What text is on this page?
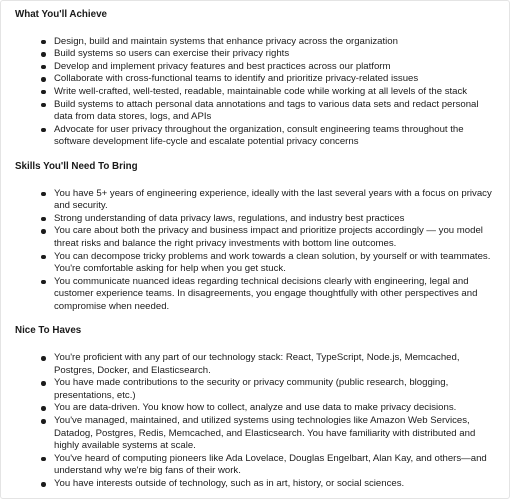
What You'll Achieve
Design, build and maintain systems that enhance privacy across the organization
Build systems so users can exercise their privacy rights
Develop and implement privacy features and best practices across our platform
Collaborate with cross-functional teams to identify and prioritize privacy-related issues
Write well-crafted, well-tested, readable, maintainable code while working at all levels of the stack
Build systems to attach personal data annotations and tags to various data sets and redact personal data from data stores, logs, and APIs
Advocate for user privacy throughout the organization, consult engineering teams throughout the software development life-cycle and escalate potential privacy concerns
Skills You'll Need To Bring
You have 5+ years of engineering experience, ideally with the last several years with a focus on privacy and security.
Strong understanding of data privacy laws, regulations, and industry best practices
You care about both the privacy and business impact and prioritize projects accordingly — you model threat risks and balance the right privacy investments with bottom line outcomes.
You can decompose tricky problems and work towards a clean solution, by yourself or with teammates. You're comfortable asking for help when you get stuck.
You communicate nuanced ideas regarding technical decisions clearly with engineering, legal and customer experience teams. In disagreements, you engage thoughtfully with other perspectives and compromise when needed.
Nice To Haves
You're proficient with any part of our technology stack: React, TypeScript, Node.js, Memcached, Postgres, Docker, and Elasticsearch.
You have made contributions to the security or privacy community (public research, blogging, presentations, etc.)
You are data-driven. You know how to collect, analyze and use data to make privacy decisions.
You've managed, maintained, and utilized systems using technologies like Amazon Web Services, Datadog, Postgres, Redis, Memcached, and Elasticsearch. You have familiarity with distributed and highly available systems at scale.
You've heard of computing pioneers like Ada Lovelace, Douglas Engelbart, Alan Kay, and others—and understand why we're big fans of their work.
You have interests outside of technology, such as in art, history, or social sciences.
